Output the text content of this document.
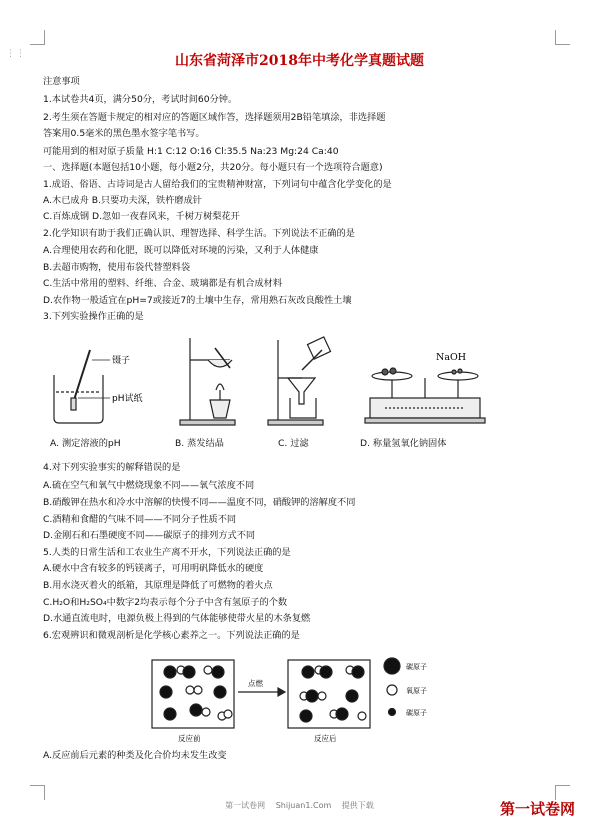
⋮⋮	山东省菏泽市2018年中考化学真题试题
注意事项
1.本试卷共4页，满分50分，考试时间60分钟。
2.考生须在答题卡规定的相对应的答题区域作答，选择题须用2B铅笔填涂，非选择题
答案用0.5毫米的黑色墨水签字笔书写。
可能用到的相对原子质量 H:1 C:12 O:16 Cl:35.5 Na:23 Mg:24 Ca:40
一、选择题(本题包括10小题，每小题2分，共20分。每小题只有一个选项符合题意)
1.成语、俗语、古诗词是古人留给我们的宝贵精神财富，下列词句中蕴含化学变化的是
A.木已成舟 B.只要功夫深，铁杵磨成针
C.百炼成钢 D.忽如一夜春风来，千树万树梨花开
2.化学知识有助于我们正确认识、理智选择、科学生活。下列说法不正确的是
A.合理使用农药和化肥，既可以降低对环境的污染，又利于人体健康
B.去超市购物，使用布袋代替塑料袋
C.生活中常用的塑料、纤维、合金、玻璃都是有机合成材料
D.农作物一般适宜在pH=7或接近7的土壤中生存，常用熟石灰改良酸性土壤
3.下列实验操作正确的是
镊子
pH试纸
NaOH
A. 测定溶液的pH	B. 蒸发结晶	C. 过滤	D. 称量氢氧化钠固体
4.对下列实验事实的解释错误的是
A.硫在空气和氧气中燃烧现象不同——氧气浓度不同
B.硝酸钾在热水和冷水中溶解的快慢不同——温度不同，硝酸钾的溶解度不同
C.酒精和食醋的气味不同——不同分子性质不同
D.金刚石和石墨硬度不同——碳原子的排列方式不同
5.人类的日常生活和工农业生产离不开水，下列说法正确的是
A.硬水中含有较多的钙镁离子，可用明矾降低水的硬度
B.用水浇灭着火的纸箱，其原理是降低了可燃物的着火点
C.H₂O和H₂SO₄中数字2均表示每个分子中含有氢原子的个数
D.水通直流电时，电源负极上得到的气体能够使带火星的木条复燃
6.宏观辨识和微观剖析是化学核心素养之一。下列说法正确的是
点燃
反应前	反应后
碳原子
氧原子
碳原子
A.反应前后元素的种类及化合价均未发生改变
第一试卷网 Shijuan1.Com 提供下载	第一试卷网
